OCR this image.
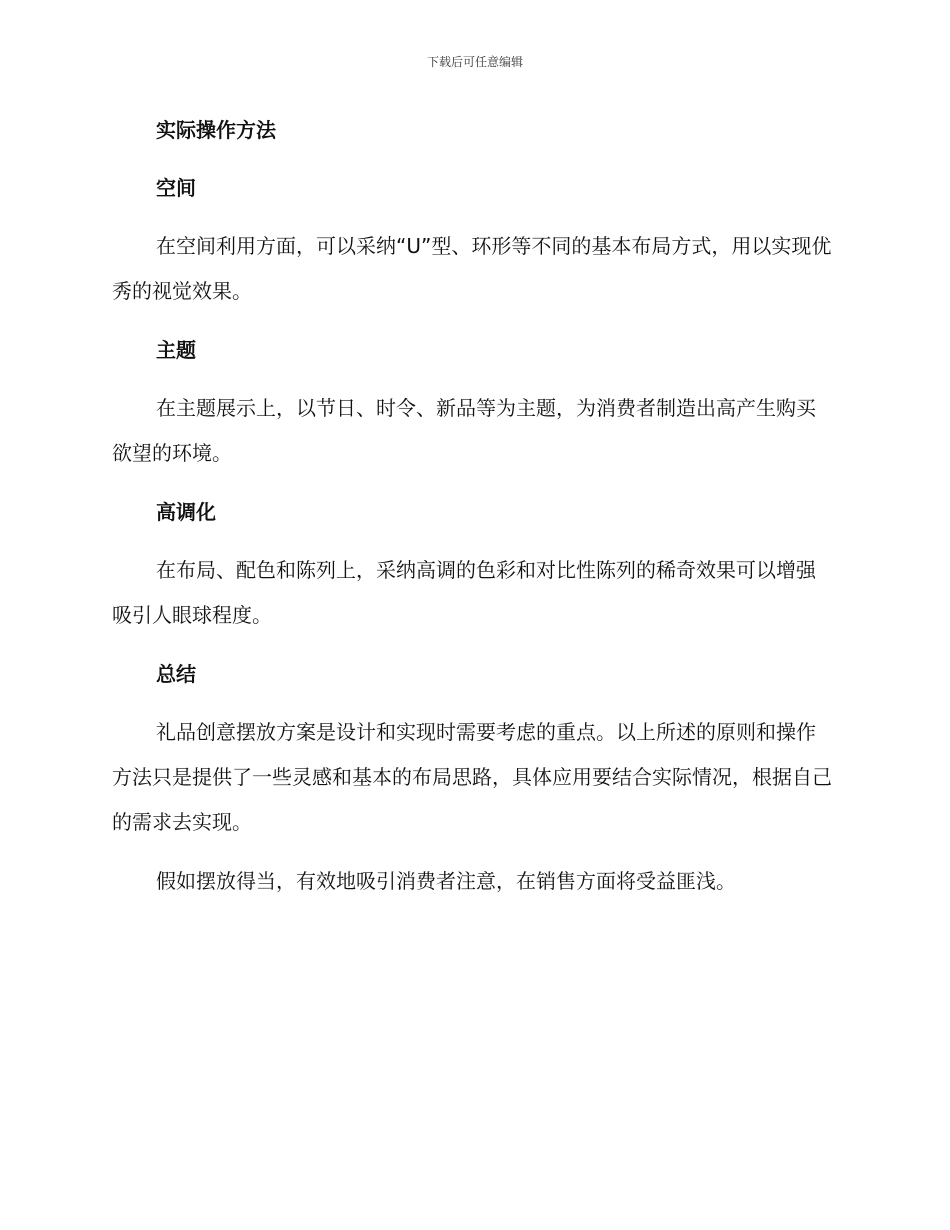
下载后可任意编辑
实际操作方法
空间

在空间利用方面，可以采纳“U”型、环形等不同的基本布局方式，用以实现优秀的视觉效果。

主题

在主题展示上，以节日、时令、新品等为主题，为消费者制造出高产生购买欲望的环境。

高调化

在布局、配色和陈列上，采纳高调的色彩和对比性陈列的稀奇效果可以增强吸引人眼球程度。

总结

礼品创意摆放方案是设计和实现时需要考虑的重点。以上所述的原则和操作方法只是提供了一些灵感和基本的布局思路，具体应用要结合实际情况，根据自己的需求去实现。

假如摆放得当，有效地吸引消费者注意，在销售方面将受益匪浅。
